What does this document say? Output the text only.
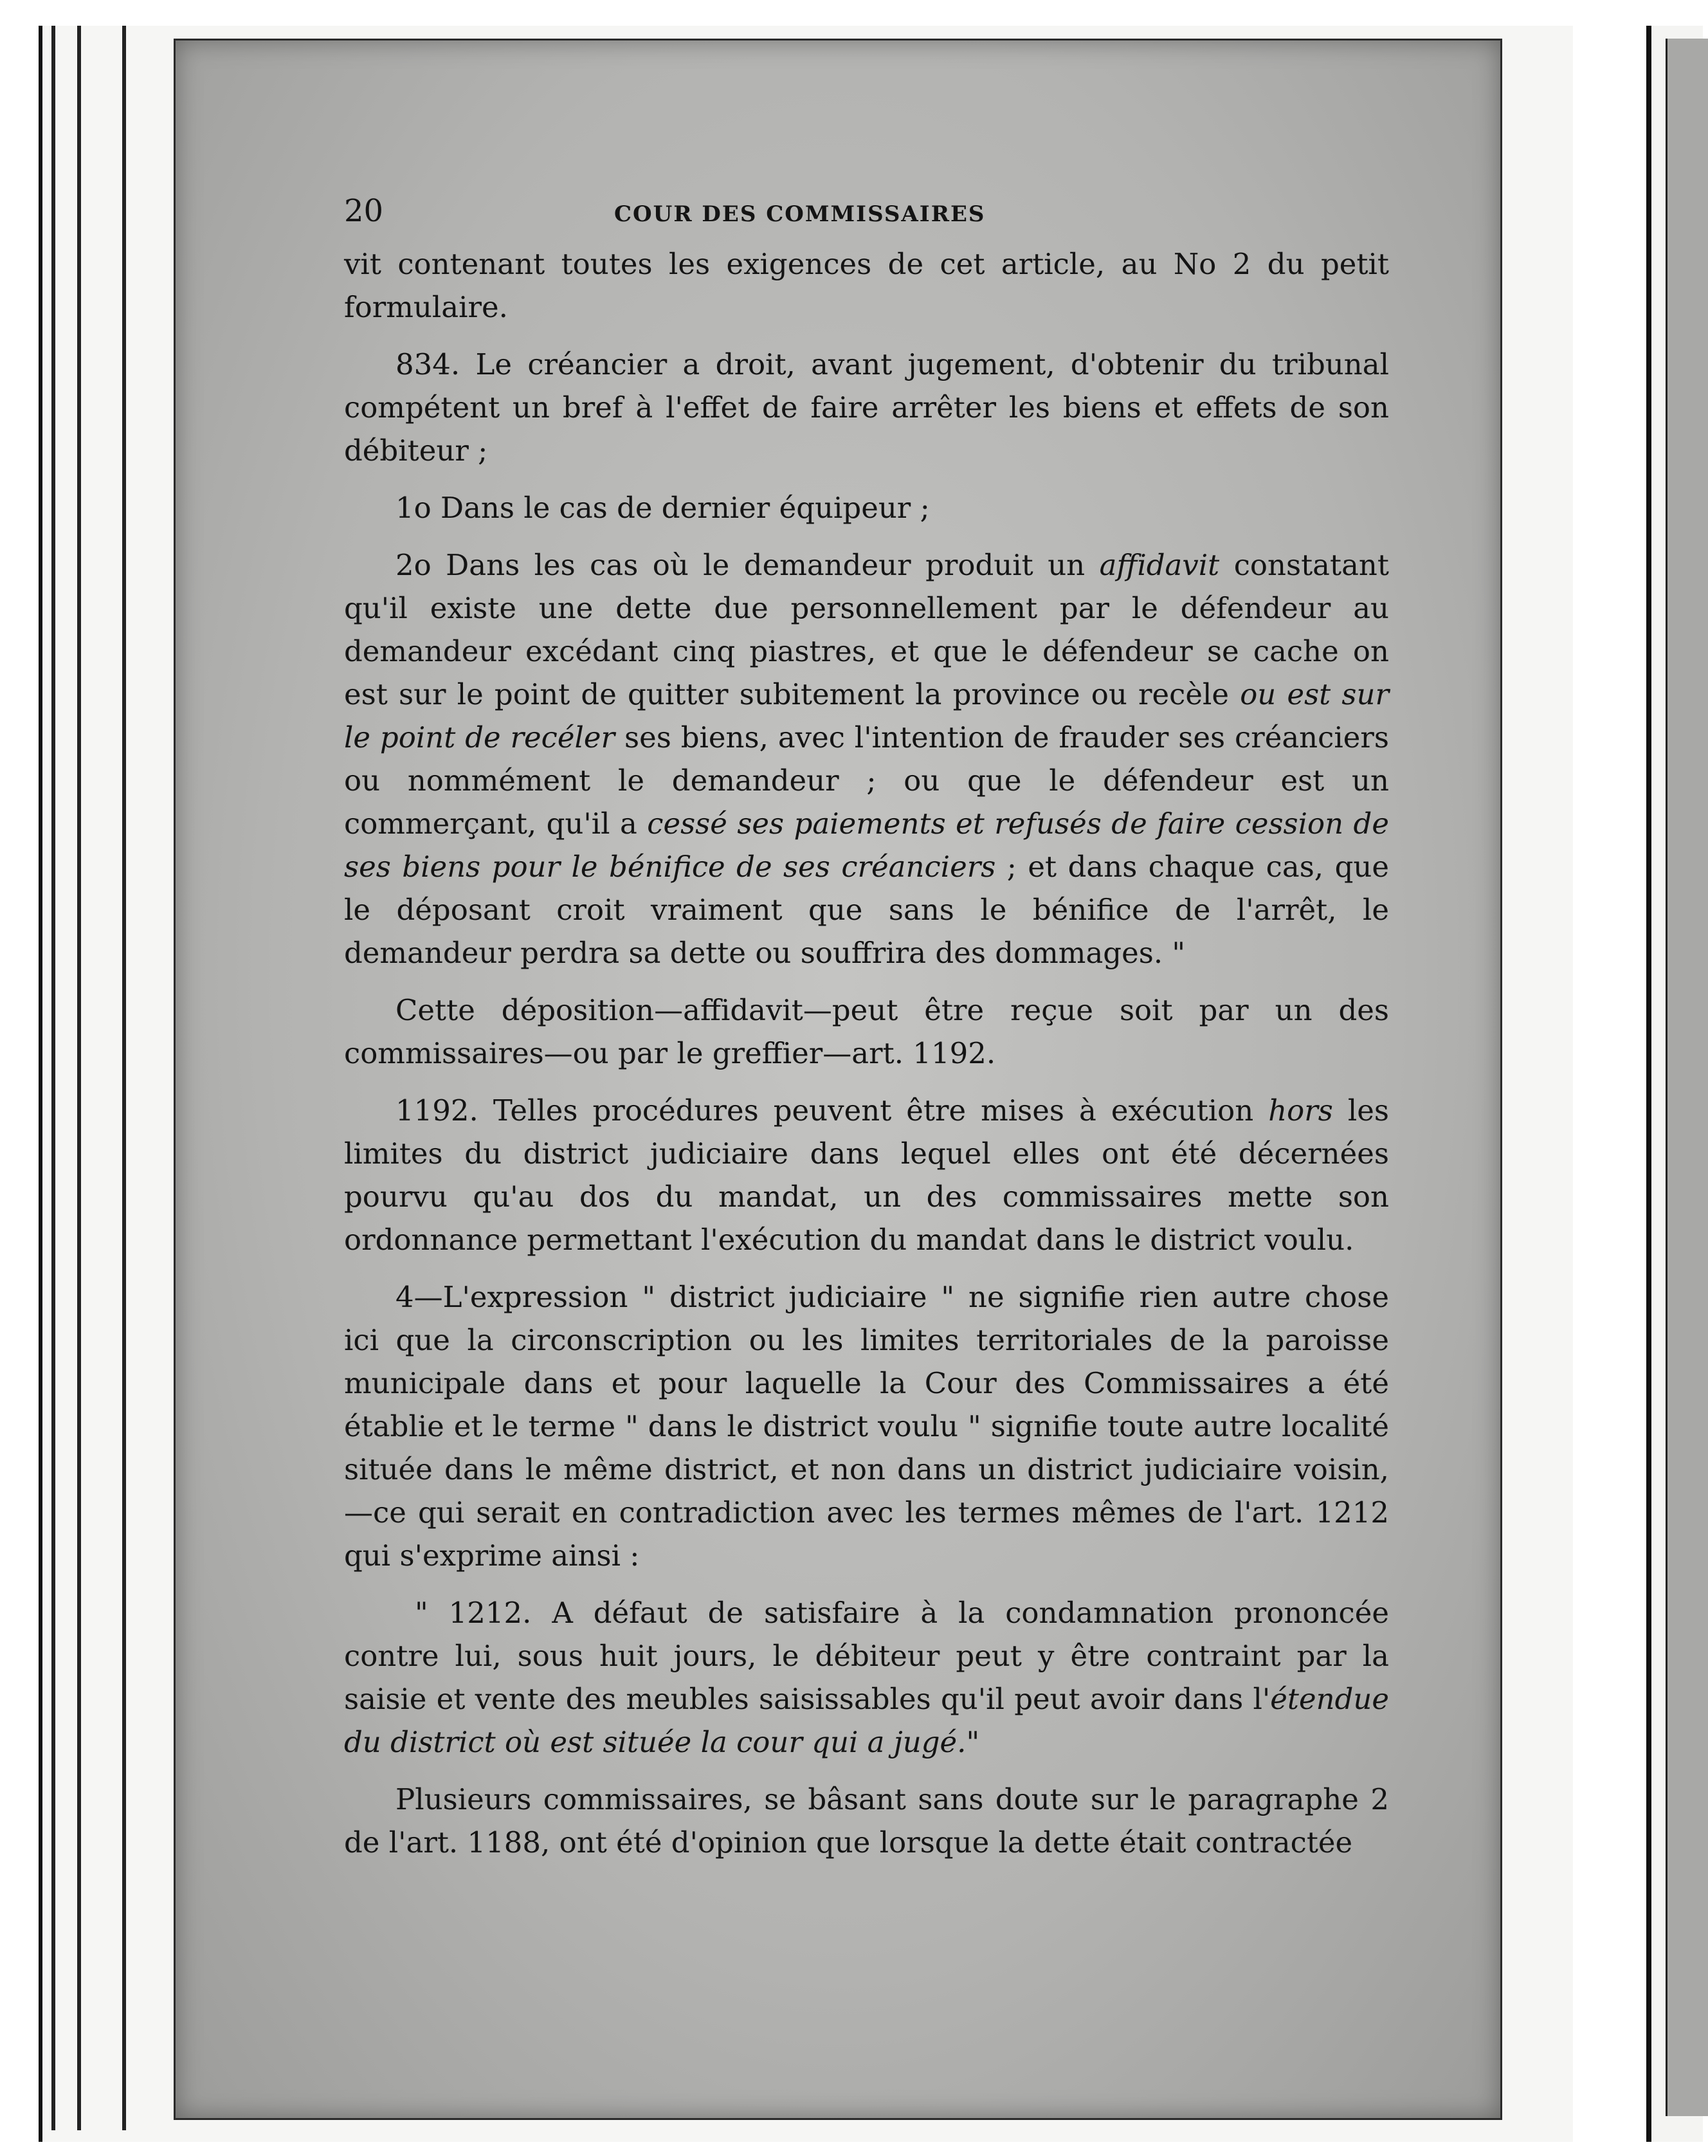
20	COUR DES COMMISSAIRES

vit contenant toutes les exigences de cet article, au No 2 du petit formulaire.

834. Le créancier a droit, avant jugement, d'obtenir du tribunal compétent un bref à l'effet de faire arrêter les biens et effets de son débiteur ;

1o Dans le cas de dernier équipeur ;

2o Dans les cas où le demandeur produit un affidavit constatant qu'il existe une dette due personnellement par le défendeur au demandeur excédant cinq piastres, et que le défendeur se cache on est sur le point de quitter subitement la province ou recèle ou est sur le point de recéler ses biens, avec l'intention de frauder ses créanciers ou nommément le demandeur ; ou que le défendeur est un commerçant, qu'il a cessé ses paiements et refusés de faire cession de ses biens pour le bénifice de ses créanciers ; et dans chaque cas, que le déposant croit vraiment que sans le bénifice de l'arrêt, le demandeur perdra sa dette ou souffrira des dommages. "

Cette déposition—affidavit—peut être reçue soit par un des commissaires—ou par le greffier—art. 1192.

1192. Telles procédures peuvent être mises à exécution hors les limites du district judiciaire dans lequel elles ont été décernées pourvu qu'au dos du mandat, un des commissaires mette son ordonnance permettant l'exécution du mandat dans le district voulu.

4—L'expression " district judiciaire " ne signifie rien autre chose ici que la circonscription ou les limites territoriales de la paroisse municipale dans et pour laquelle la Cour des Commissaires a été établie et le terme " dans le district voulu " signifie toute autre localité située dans le même district, et non dans un district judiciaire voisin,—ce qui serait en contradiction avec les termes mêmes de l'art. 1212 qui s'exprime ainsi :

" 1212. A défaut de satisfaire à la condamnation prononcée contre lui, sous huit jours, le débiteur peut y être contraint par la saisie et vente des meubles saisissables qu'il peut avoir dans l'étendue du district où est située la cour qui a jugé."

Plusieurs commissaires, se bâsant sans doute sur le paragraphe 2 de l'art. 1188, ont été d'opinion que lorsque la dette était contractée
